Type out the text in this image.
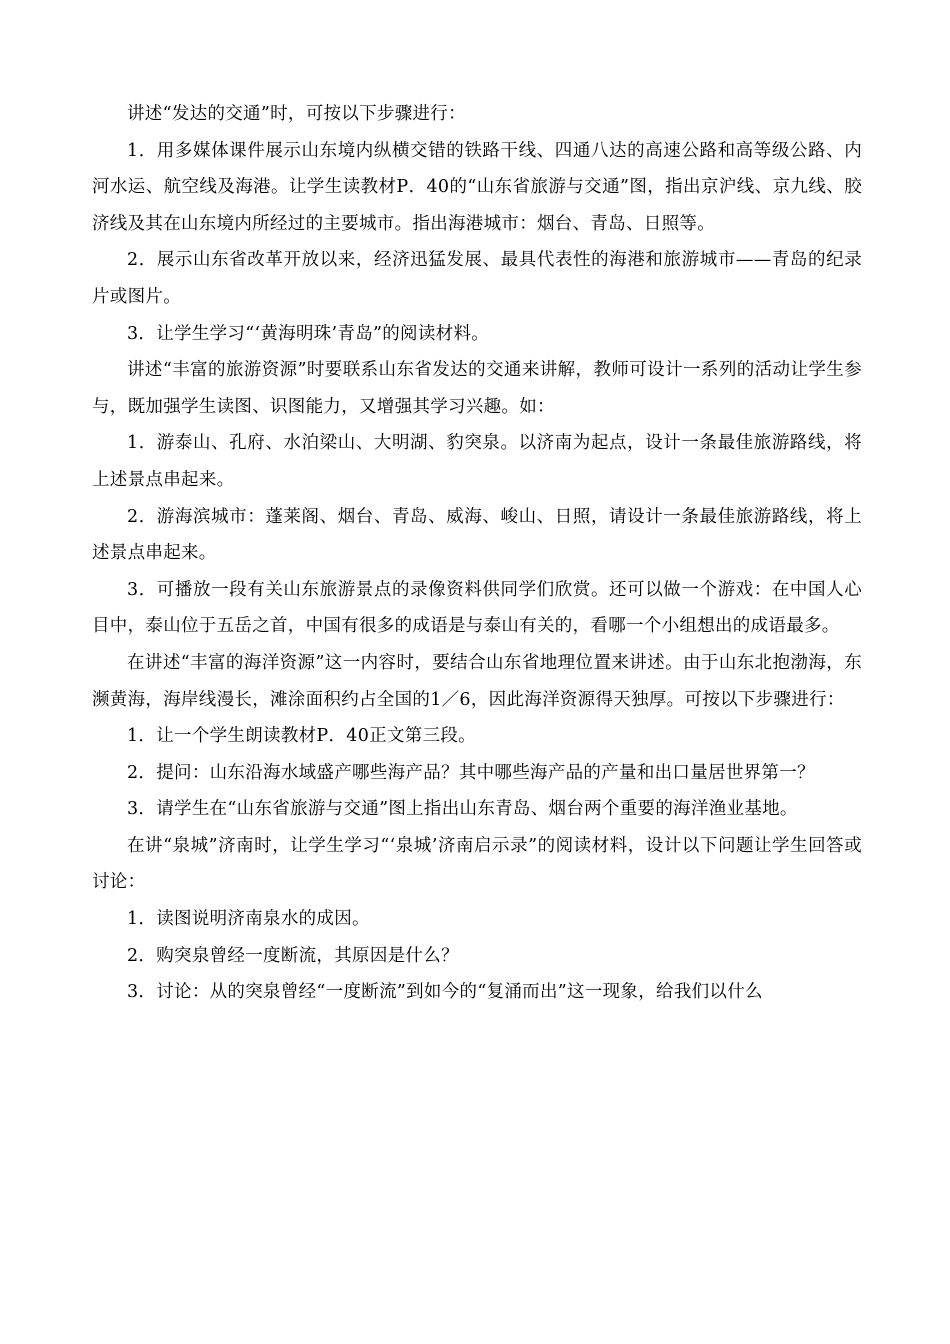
讲述“发达的交通”时，可按以下步骤进行：

1．用多媒体课件展示山东境内纵横交错的铁路干线、四通八达的高速公路和高等级公路、内河水运、航空线及海港。让学生读教材P．40的“山东省旅游与交通”图，指出京沪线、京九线、胶济线及其在山东境内所经过的主要城市。指出海港城市：烟台、青岛、日照等。

2．展示山东省改革开放以来，经济迅猛发展、最具代表性的海港和旅游城市——青岛的纪录片或图片。

3．让学生学习“‘黄海明珠’青岛”的阅读材料。

讲述“丰富的旅游资源”时要联系山东省发达的交通来讲解，教师可设计一系列的活动让学生参与，既加强学生读图、识图能力，又增强其学习兴趣。如：

1．游泰山、孔府、水泊梁山、大明湖、豹突泉。以济南为起点，设计一条最佳旅游路线，将上述景点串起来。

2．游海滨城市：蓬莱阁、烟台、青岛、威海、峻山、日照，请设计一条最佳旅游路线，将上述景点串起来。

3．可播放一段有关山东旅游景点的录像资料供同学们欣赏。还可以做一个游戏：在中国人心目中，泰山位于五岳之首，中国有很多的成语是与泰山有关的，看哪一个小组想出的成语最多。

在讲述“丰富的海洋资源”这一内容时，要结合山东省地理位置来讲述。由于山东北抱渤海，东濒黄海，海岸线漫长，滩涂面积约占全国的1／6，因此海洋资源得天独厚。可按以下步骤进行：

1．让一个学生朗读教材P．40正文第三段。

2．提问：山东沿海水域盛产哪些海产品？其中哪些海产品的产量和出口量居世界第一？

3．请学生在“山东省旅游与交通”图上指出山东青岛、烟台两个重要的海洋渔业基地。

在讲“泉城”济南时，让学生学习“‘泉城’济南启示录”的阅读材料，设计以下问题让学生回答或讨论：

1．读图说明济南泉水的成因。

2．购突泉曾经一度断流，其原因是什么？

3．讨论：从的突泉曾经“一度断流”到如今的“复涌而出”这一现象，给我们以什么
